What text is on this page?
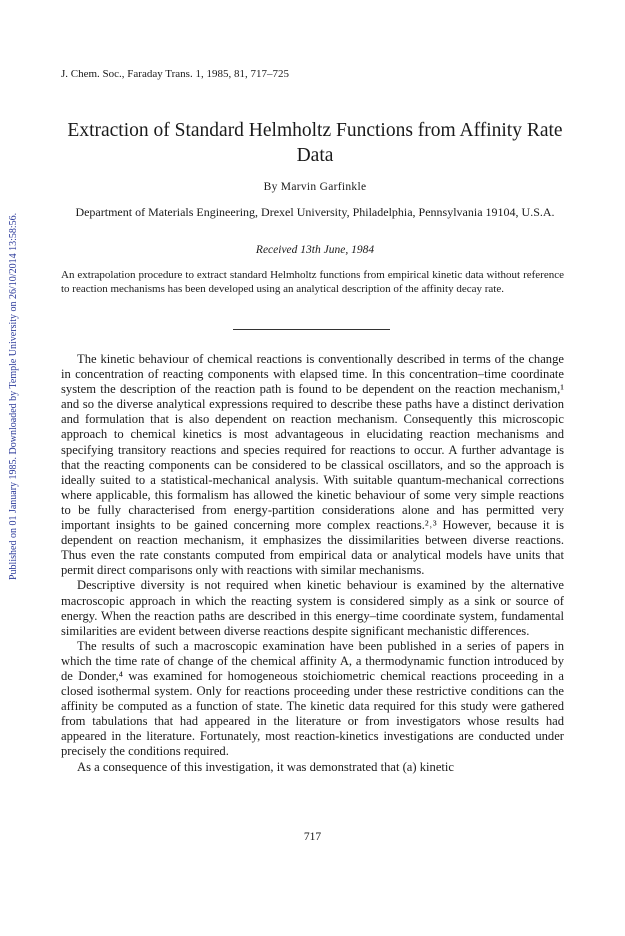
Published on 01 January 1985. Downloaded by Temple University on 26/10/2014 13:58:56.
J. Chem. Soc., Faraday Trans. 1, 1985, 81, 717–725
Extraction of Standard Helmholtz Functions from Affinity Rate Data
By Marvin Garfinkle
Department of Materials Engineering, Drexel University, Philadelphia, Pennsylvania 19104, U.S.A.
Received 13th June, 1984
An extrapolation procedure to extract standard Helmholtz functions from empirical kinetic data without reference to reaction mechanisms has been developed using an analytical description of the affinity decay rate.

The kinetic behaviour of chemical reactions is conventionally described in terms of the change in concentration of reacting components with elapsed time. In this concentration–time coordinate system the description of the reaction path is found to be dependent on the reaction mechanism,¹ and so the diverse analytical expressions required to describe these paths have a distinct derivation and formulation that is also dependent on reaction mechanism. Consequently this microscopic approach to chemical kinetics is most advantageous in elucidating reaction mechanisms and specifying transitory reactions and species required for reactions to occur. A further advantage is that the reacting components can be considered to be classical oscillators, and so the approach is ideally suited to a statistical-mechanical analysis. With suitable quantum-mechanical corrections where applicable, this formalism has allowed the kinetic behaviour of some very simple reactions to be fully characterised from energy-partition considerations alone and has permitted very important insights to be gained concerning more complex reactions.²˒³ However, because it is dependent on reaction mechanism, it emphasizes the dissimilarities between diverse reactions. Thus even the rate constants computed from empirical data or analytical models have units that permit direct comparisons only with reactions with similar mechanisms.

Descriptive diversity is not required when kinetic behaviour is examined by the alternative macroscopic approach in which the reacting system is considered simply as a sink or source of energy. When the reaction paths are described in this energy–time coordinate system, fundamental similarities are evident between diverse reactions despite significant mechanistic differences.

The results of such a macroscopic examination have been published in a series of papers in which the time rate of change of the chemical affinity A, a thermodynamic function introduced by de Donder,⁴ was examined for homogeneous stoichiometric chemical reactions proceeding in a closed isothermal system. Only for reactions proceeding under these restrictive conditions can the affinity be computed as a function of state. The kinetic data required for this study were gathered from tabulations that had appeared in the literature or from investigators whose results had appeared in the literature. Fortunately, most reaction-kinetics investigations are conducted under precisely the conditions required.

As a consequence of this investigation, it was demonstrated that (a) kinetic

717
